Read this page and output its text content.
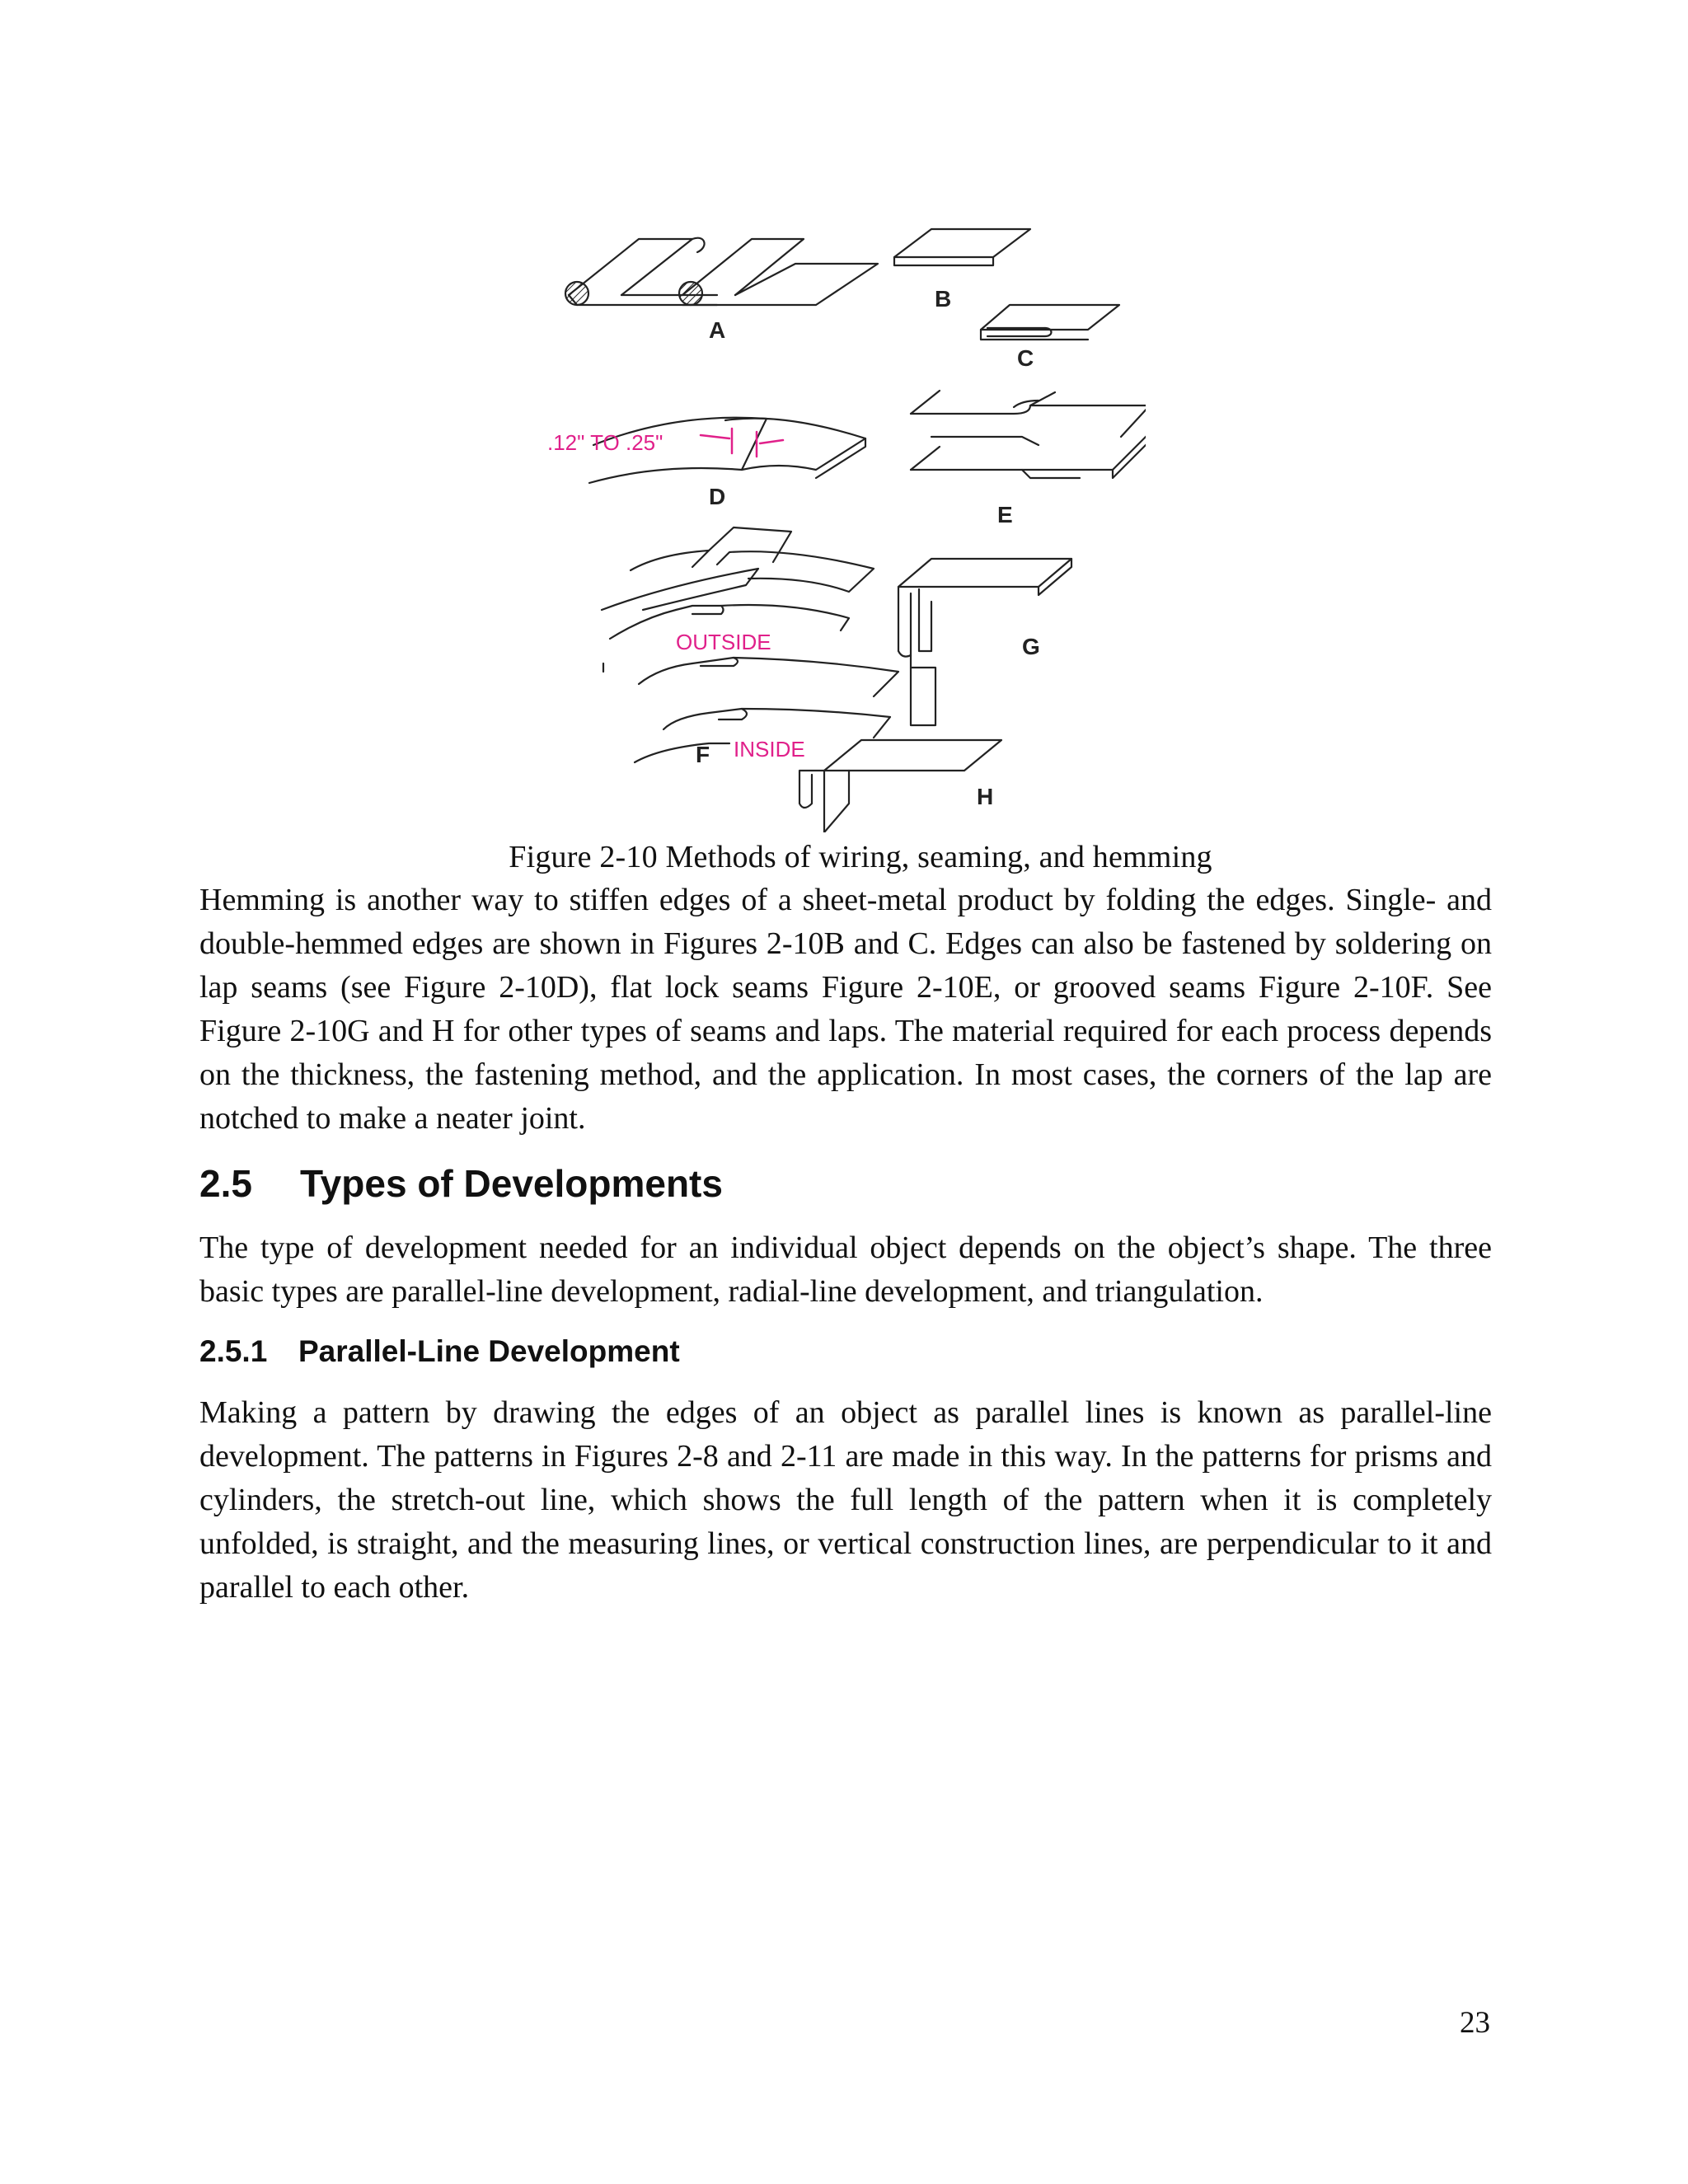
A
B
C
.12" TO .25"
D
E
OUTSIDE	G
INSIDE
F
H
Figure 2-10 Methods of wiring, seaming, and hemming
Hemming is another way to stiffen edges of a sheet-metal product by folding the edges. Single- and double-hemmed edges are shown in Figures 2-10B and C. Edges can also be fastened by soldering on lap seams (see Figure 2-10D), flat lock seams Figure 2-10E, or grooved seams Figure 2-10F. See Figure 2-10G and H for other types of seams and laps. The material required for each process depends on the thickness, the fastening method, and the application. In most cases, the corners of the lap are notched to make a neater joint.
2.5 Types of Developments
The type of development needed for an individual object depends on the object’s shape. The three basic types are parallel-line development, radial-line development, and triangulation.
2.5.1 Parallel-Line Development
Making a pattern by drawing the edges of an object as parallel lines is known as parallel-line development. The patterns in Figures 2-8 and 2-11 are made in this way. In the patterns for prisms and cylinders, the stretch-out line, which shows the full length of the pattern when it is completely unfolded, is straight, and the measuring lines, or vertical construction lines, are perpendicular to it and parallel to each other.
23
